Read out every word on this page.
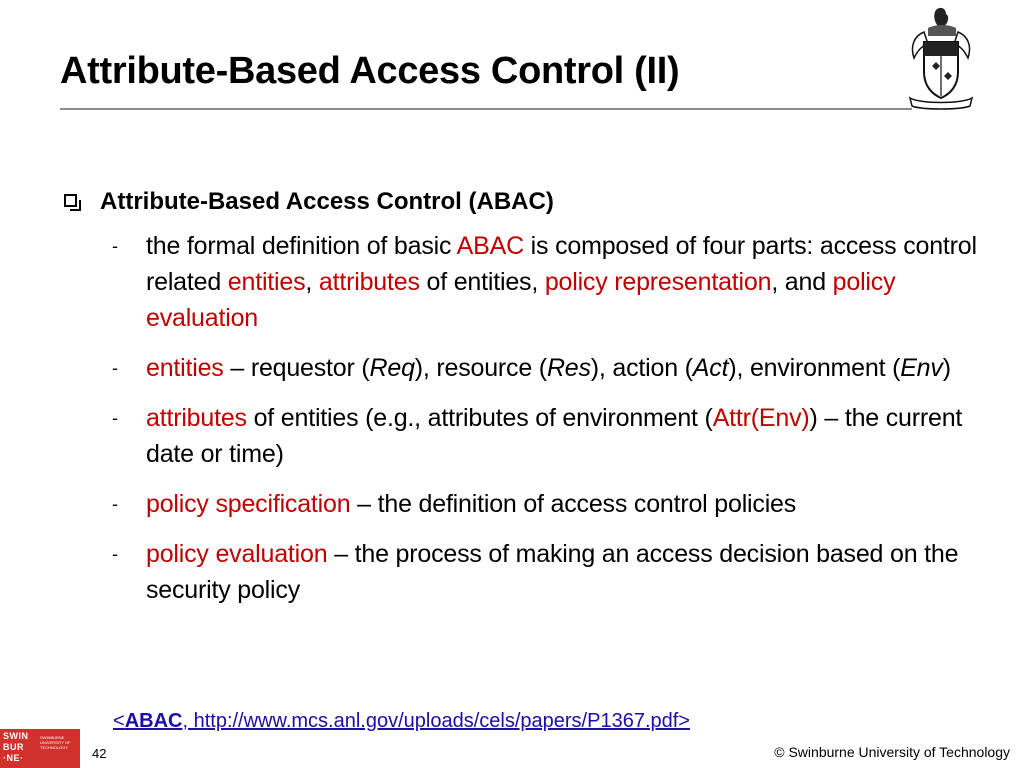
Attribute-Based Access Control (II)
Attribute-Based Access Control (ABAC)
- the formal definition of basic ABAC is composed of four parts: access control related entities, attributes of entities, policy representation, and policy evaluation
- entities – requestor (Req), resource (Res), action (Act), environment (Env)
- attributes of entities (e.g., attributes of environment (Attr(Env)) – the current date or time)
- policy specification – the definition of access control policies
- policy evaluation – the process of making an access decision based on the security policy
<ABAC, http://www.mcs.anl.gov/uploads/cels/papers/P1367.pdf>
SWIN
BUR
·NE·
SWINBURNE UNIVERSITY OF TECHNOLOGY	42	© Swinburne University of Technology
